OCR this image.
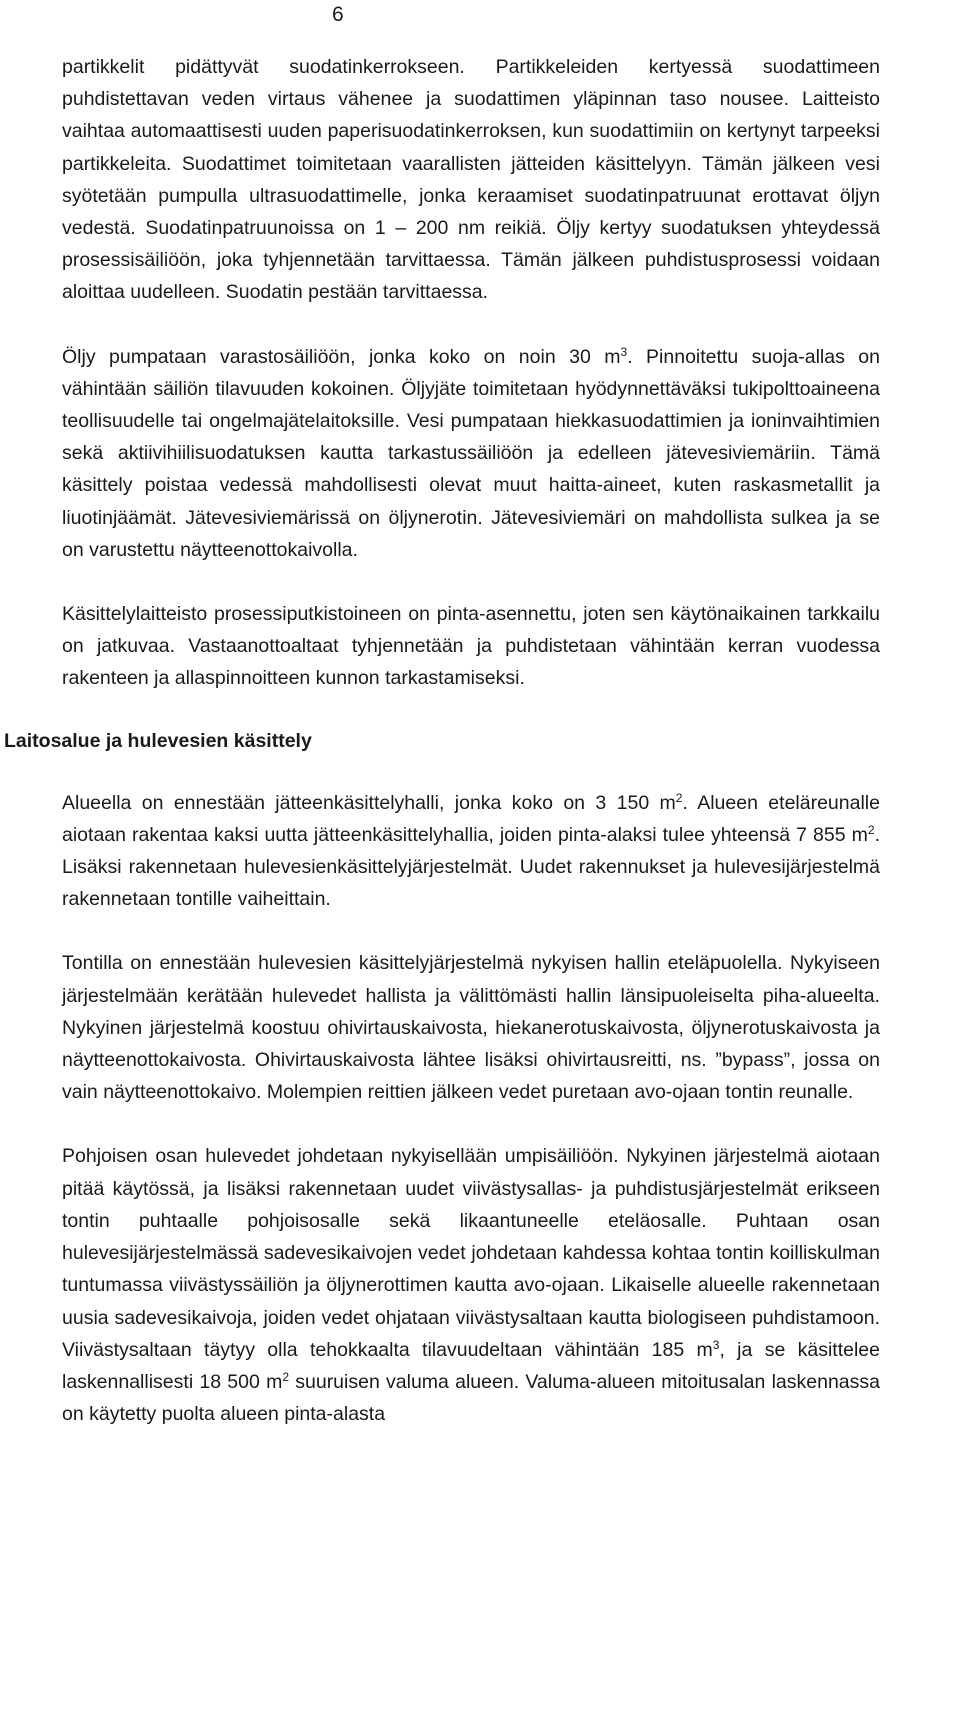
6

partikkelit pidättyvät suodatinkerrokseen. Partikkeleiden kertyessä suodattimeen puhdistettavan veden virtaus vähenee ja suodattimen yläpinnan taso nousee. Laitteisto vaihtaa automaattisesti uuden paperisuodatinkerroksen, kun suodattimiin on kertynyt tarpeeksi partikkeleita. Suodattimet toimitetaan vaarallisten jätteiden käsittelyyn. Tämän jälkeen vesi syötetään pumpulla ultrasuodattimelle, jonka keraamiset suodatinpatruunat erottavat öljyn vedestä. Suodatinpatruunoissa on 1 – 200 nm reikiä. Öljy kertyy suodatuksen yhteydessä prosessisäiliöön, joka tyhjennetään tarvittaessa. Tämän jälkeen puhdistusprosessi voidaan aloittaa uudelleen. Suodatin pestään tarvittaessa.

Öljy pumpataan varastosäiliöön, jonka koko on noin 30 $m^3$. Pinnoitettu suoja-allas on vähintään säiliön tilavuuden kokoinen. Öljyjäte toimitetaan hyödynnettäväksi tukipolttoaineena teollisuudelle tai ongelmajätelaitoksille. Vesi pumpataan hiekkasuodattimien ja ioninvaihtimien sekä aktiivihiilisuodatuksen kautta tarkastussäiliöön ja edelleen jätevesiviemäriin. Tämä käsittely poistaa vedessä mahdollisesti olevat muut haitta-aineet, kuten raskasmetallit ja liuotinjäämät. Jätevesiviemärissä on öljynerotin. Jätevesiviemäri on mahdollista sulkea ja se on varustettu näytteenottokaivolla.

Käsittelylaitteisto prosessiputkistoineen on pinta-asennettu, joten sen käytönaikainen tarkkailu on jatkuvaa. Vastaanottoaltaat tyhjennetään ja puhdistetaan vähintään kerran vuodessa rakenteen ja allaspinnoitteen kunnon tarkastamiseksi.

Laitosalue ja hulevesien käsittely

Alueella on ennestään jätteenkäsittelyhalli, jonka koko on 3 150 $m^2$. Alueen eteläreunalle aiotaan rakentaa kaksi uutta jätteenkäsittelyhallia, joiden pinta-alaksi tulee yhteensä 7 855 $m^2$. Lisäksi rakennetaan hulevesienkäsittelyjärjestelmät. Uudet rakennukset ja hulevesijärjestelmä rakennetaan tontille vaiheittain.

Tontilla on ennestään hulevesien käsittelyjärjestelmä nykyisen hallin eteläpuolella. Nykyiseen järjestelmään kerätään hulevedet hallista ja välittömästi hallin länsipuoleiselta piha-alueelta. Nykyinen järjestelmä koostuu ohivirtauskaivosta, hiekanerotuskaivosta, öljynerotuskaivosta ja näytteenottokaivosta. Ohivirtauskaivosta lähtee lisäksi ohivirtausreitti, ns. ”bypass”, jossa on vain näytteenottokaivo. Molempien reittien jälkeen vedet puretaan avo-ojaan tontin reunalle.

Pohjoisen osan hulevedet johdetaan nykyisellään umpisäiliöön. Nykyinen järjestelmä aiotaan pitää käytössä, ja lisäksi rakennetaan uudet viivästysallas- ja puhdistusjärjestelmät erikseen tontin puhtaalle pohjoisosalle sekä likaantuneelle eteläosalle. Puhtaan osan hulevesijärjestelmässä sadevesikaivojen vedet johdetaan kahdessa kohtaa tontin koilliskulman tuntumassa viivästyssäiliön ja öljynerottimen kautta avo-ojaan. Likaiselle alueelle rakennetaan uusia sadevesikaivoja, joiden vedet ohjataan viivästysaltaan kautta biologiseen puhdistamoon. Viivästysaltaan täytyy olla tehokkaalta tilavuudeltaan vähintään 185 $m^3$, ja se käsittelee laskennallisesti 18 500 $m^2$ suuruisen valuma alueen. Valuma-alueen mitoitusalan laskennassa on käytetty puolta alueen pinta-alasta
